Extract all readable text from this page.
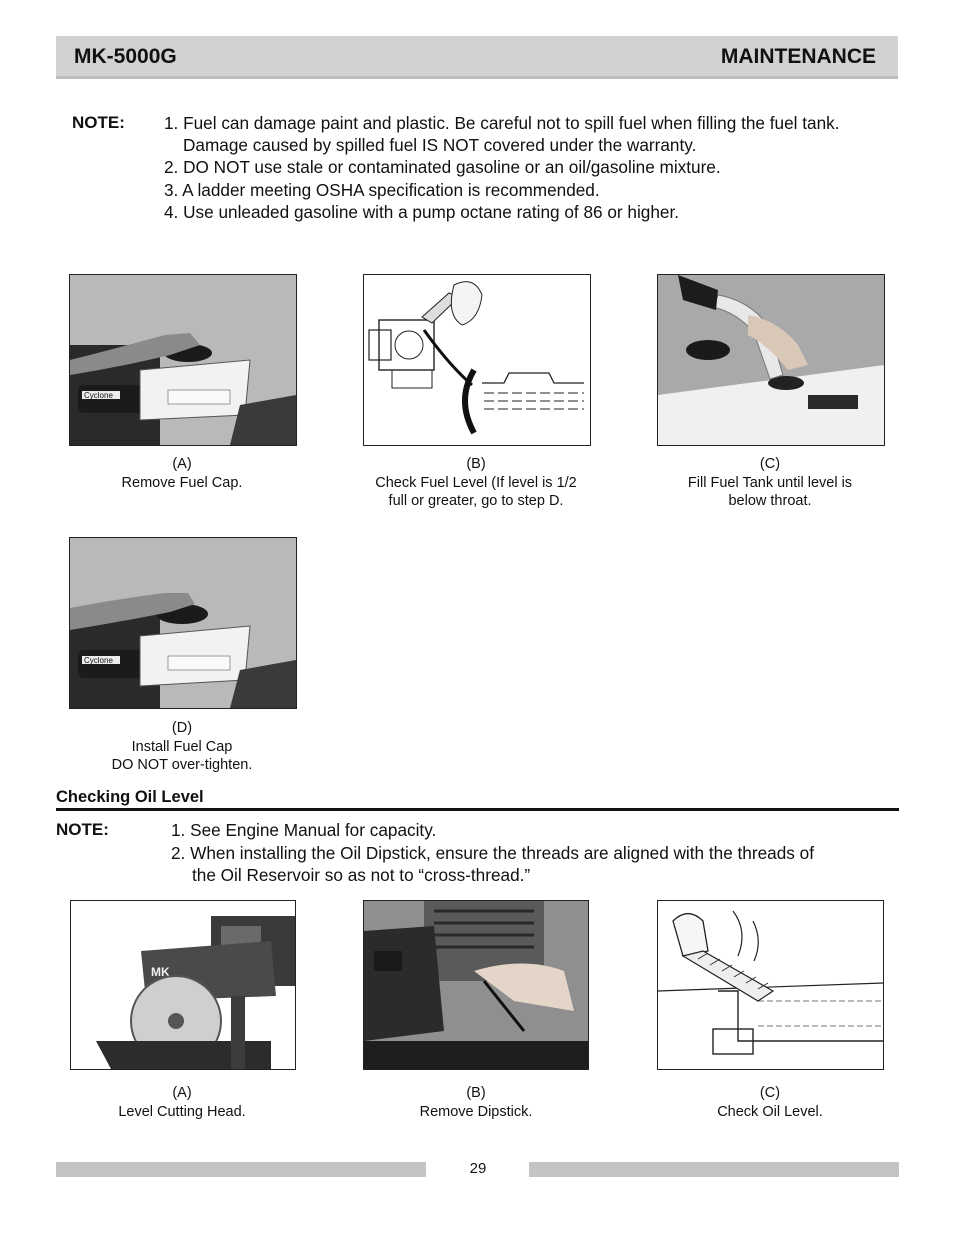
MK-5000G	MAINTENANCE
NOTE: 1. Fuel can damage paint and plastic. Be careful not to spill fuel when filling the fuel tank.
Damage caused by spilled fuel IS NOT covered under the warranty.
2. DO NOT use stale or contaminated gasoline or an oil/gasoline mixture.
3. A ladder meeting OSHA specification is recommended.
4. Use unleaded gasoline with a pump octane rating of 86 or higher.
Cyclone
(A)
Remove Fuel Cap.
(B)
Check Fuel Level (If level is 1/2
full or greater, go to step D.
(C)
Fill Fuel Tank until level is
below throat.
Cyclone
(D)
Install Fuel Cap
DO NOT over-tighten.
Checking Oil Level
NOTE:	1. See Engine Manual for capacity.
2. When installing the Oil Dipstick, ensure the threads are aligned with the threads of
the Oil Reservoir so as not to “cross-thread.”
MK
(A)
Level Cutting Head.
(B)
Remove Dipstick.
(C)
Check Oil Level.
29
